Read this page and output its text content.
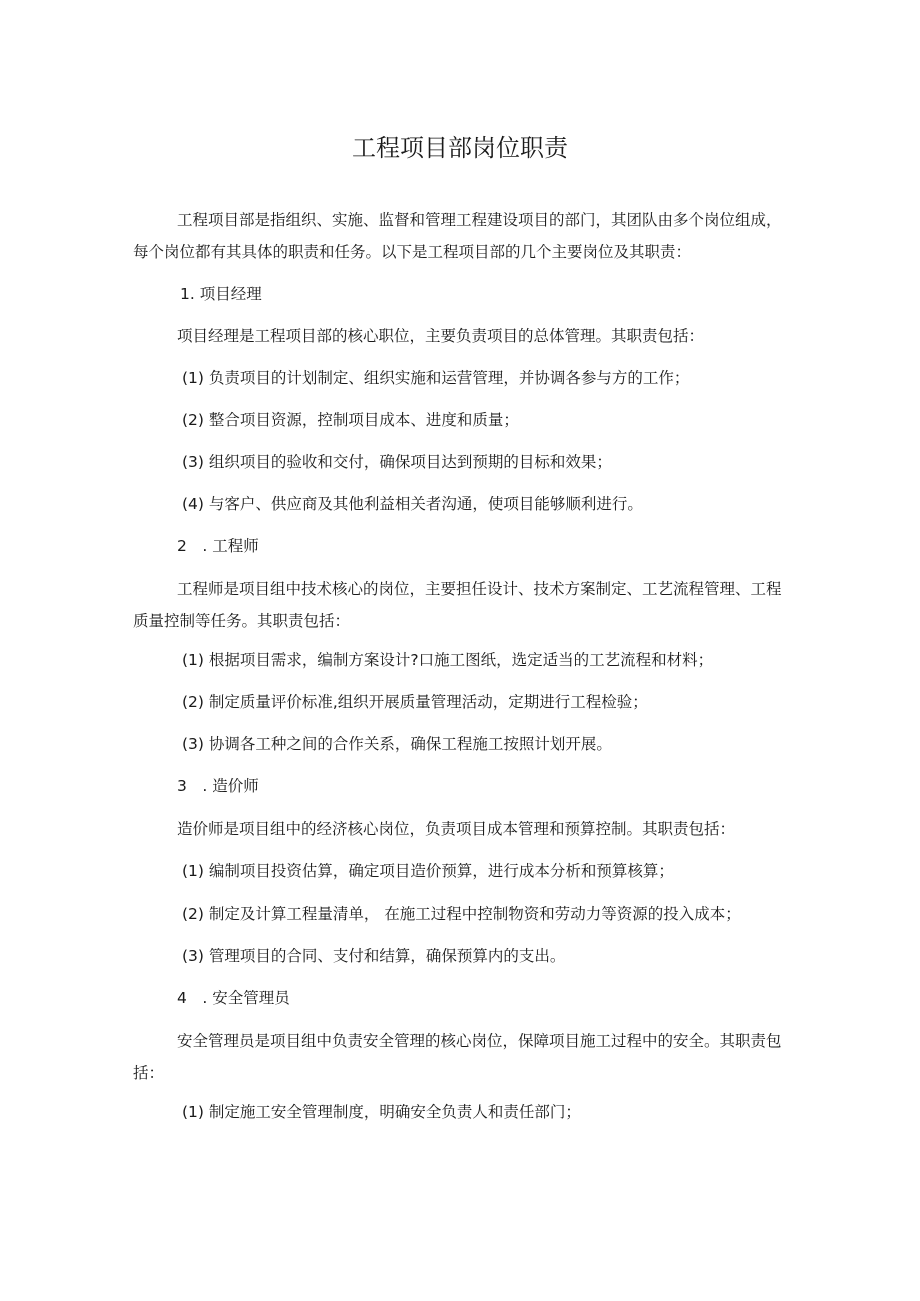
工程项目部岗位职责
工程项目部是指组织、实施、监督和管理工程建设项目的部门，其团队由多个岗位组成，每个岗位都有其具体的职责和任务。以下是工程项目部的几个主要岗位及其职责：
1. 项目经理
项目经理是工程项目部的核心职位，主要负责项目的总体管理。其职责包括：
(1) 负责项目的计划制定、组织实施和运营管理，并协调各参与方的工作；
(2) 整合项目资源，控制项目成本、进度和质量；
(3) 组织项目的验收和交付，确保项目达到预期的目标和效果；
(4) 与客户、供应商及其他利益相关者沟通，使项目能够顺利进行。
2　. 工程师
工程师是项目组中技术核心的岗位，主要担任设计、技术方案制定、工艺流程管理、工程质量控制等任务。其职责包括：
(1) 根据项目需求，编制方案设计?口施工图纸，选定适当的工艺流程和材料；
(2) 制定质量评价标准,组织开展质量管理活动，定期进行工程检验；
(3) 协调各工种之间的合作关系，确保工程施工按照计划开展。
3　. 造价师
造价师是项目组中的经济核心岗位，负责项目成本管理和预算控制。其职责包括：
(1) 编制项目投资估算，确定项目造价预算，进行成本分析和预算核算；
(2) 制定及计算工程量清单， 在施工过程中控制物资和劳动力等资源的投入成本；
(3) 管理项目的合同、支付和结算，确保预算内的支出。
4　. 安全管理员
安全管理员是项目组中负责安全管理的核心岗位，保障项目施工过程中的安全。其职责包括：
(1) 制定施工安全管理制度，明确安全负责人和责任部门；
